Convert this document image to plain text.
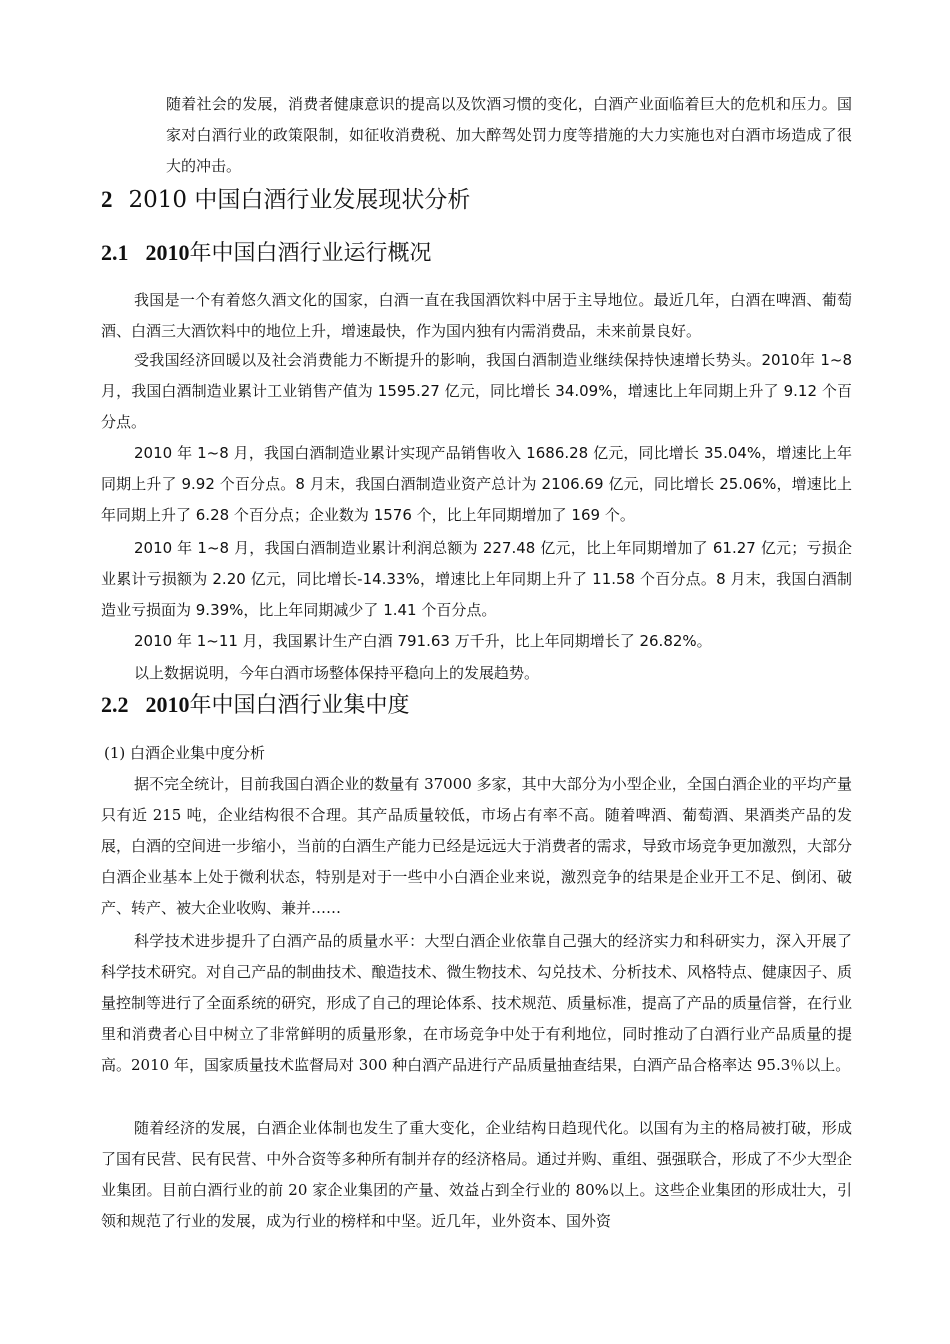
随着社会的发展，消费者健康意识的提高以及饮酒习惯的变化，白酒产业面临着巨大的危机和压力。国家对白酒行业的政策限制，如征收消费税、加大醉驾处罚力度等措施的大力实施也对白酒市场造成了很大的冲击。
2 2010 中国白酒行业发展现状分析
2.1 2010年中国白酒行业运行概况
我国是一个有着悠久酒文化的国家，白酒一直在我国酒饮料中居于主导地位。最近几年，白酒在啤酒、葡萄酒、白酒三大酒饮料中的地位上升，增速最快，作为国内独有内需消费品，未来前景良好。
受我国经济回暖以及社会消费能力不断提升的影响，我国白酒制造业继续保持快速增长势头。2010年 1~8 月，我国白酒制造业累计工业销售产值为 1595.27 亿元，同比增长 34.09%，增速比上年同期上升了 9.12 个百分点。
2010 年 1~8 月，我国白酒制造业累计实现产品销售收入 1686.28 亿元，同比增长 35.04%，增速比上年同期上升了 9.92 个百分点。8 月末，我国白酒制造业资产总计为 2106.69 亿元，同比增长 25.06%，增速比上年同期上升了 6.28 个百分点；企业数为 1576 个，比上年同期增加了 169 个。
2010 年 1~8 月，我国白酒制造业累计利润总额为 227.48 亿元，比上年同期增加了 61.27 亿元；亏损企业累计亏损额为 2.20 亿元，同比增长-14.33%，增速比上年同期上升了 11.58 个百分点。8 月末，我国白酒制造业亏损面为 9.39%，比上年同期减少了 1.41 个百分点。
2010 年 1~11 月，我国累计生产白酒 791.63 万千升，比上年同期增长了 26.82%。
以上数据说明，今年白酒市场整体保持平稳向上的发展趋势。
2.2 2010年中国白酒行业集中度
(1) 白酒企业集中度分析
据不完全统计，目前我国白酒企业的数量有 37000 多家，其中大部分为小型企业，全国白酒企业的平均产量只有近 215 吨，企业结构很不合理。其产品质量较低，市场占有率不高。随着啤酒、葡萄酒、果酒类产品的发展，白酒的空间进一步缩小，当前的白酒生产能力已经是远远大于消费者的需求，导致市场竞争更加激烈，大部分白酒企业基本上处于微利状态，特别是对于一些中小白酒企业来说，激烈竞争的结果是企业开工不足、倒闭、破产、转产、被大企业收购、兼并……
科学技术进步提升了白酒产品的质量水平：大型白酒企业依靠自己强大的经济实力和科研实力，深入开展了科学技术研究。对自己产品的制曲技术、酿造技术、微生物技术、勾兑技术、分析技术、风格特点、健康因子、质量控制等进行了全面系统的研究，形成了自己的理论体系、技术规范、质量标准，提高了产品的质量信誉，在行业里和消费者心目中树立了非常鲜明的质量形象，在市场竞争中处于有利地位，同时推动了白酒行业产品质量的提高。2010 年，国家质量技术监督局对 300 种白酒产品进行产品质量抽查结果，白酒产品合格率达 95.3％以上。
随着经济的发展，白酒企业体制也发生了重大变化，企业结构日趋现代化。以国有为主的格局被打破，形成了国有民营、民有民营、中外合资等多种所有制并存的经济格局。通过并购、重组、强强联合，形成了不少大型企业集团。目前白酒行业的前 20 家企业集团的产量、效益占到全行业的 80%以上。这些企业集团的形成壮大，引领和规范了行业的发展，成为行业的榜样和中坚。近几年，业外资本、国外资
